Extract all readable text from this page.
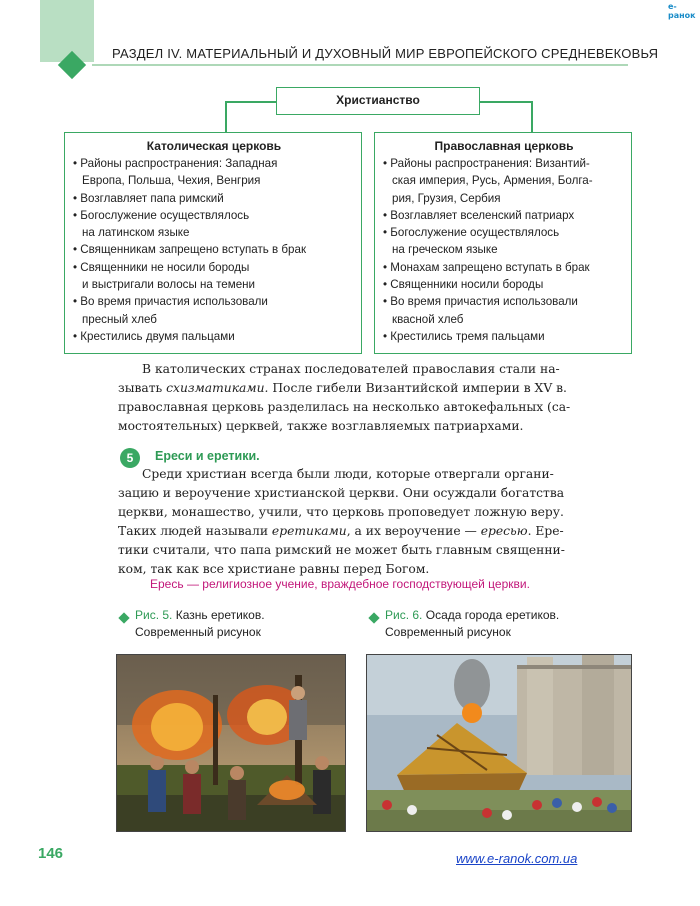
РАЗДЕЛ IV. МАТЕРИАЛЬНЫЙ И ДУХОВНЫЙ МИР ЕВРОПЕЙСКОГО СРЕДНЕВЕКОВЬЯ
e-ранок
Христианство
Католическая церковь
• Районы распространения: Западная
Европа, Польша, Чехия, Венгрия
• Возглавляет папа римский
• Богослужение осуществлялось
на латинском языке
• Священникам запрещено вступать в брак
• Священники не носили бороды
и выстригали волосы на темени
• Во время причастия использовали
пресный хлеб
• Крестились двумя пальцами
Православная церковь
• Районы распространения: Византий-
ская империя, Русь, Армения, Болга-
рия, Грузия, Сербия
• Возглавляет вселенский патриарх
• Богослужение осуществлялось
на греческом языке
• Монахам запрещено вступать в брак
• Священники носили бороды
• Во время причастия использовали
квасной хлеб
• Крестились тремя пальцами
В католических странах последователей православия стали на-
зывать схизматиками. После гибели Византийской империи в XV в.
православная церковь разделилась на несколько автокефальных (са-
мостоятельных) церквей, также возглавляемых патриархами.
5	Ереси и еретики.
Среди христиан всегда были люди, которые отвергали органи-
зацию и вероучение христианской церкви. Они осуждали богатства
церкви, монашество, учили, что церковь проповедует ложную веру.
Таких людей называли еретиками, а их вероучение — ересью. Ере-
тики считали, что папа римский не может быть главным священни-
ком, так как все христиане равны перед Богом.
Ересь — религиозное учение, враждебное господствующей церкви.
Рис. 5. Казнь еретиков.
Современный рисунок
Рис. 6. Осада города еретиков.
Современный рисунок
146	www.e-ranok.com.ua
